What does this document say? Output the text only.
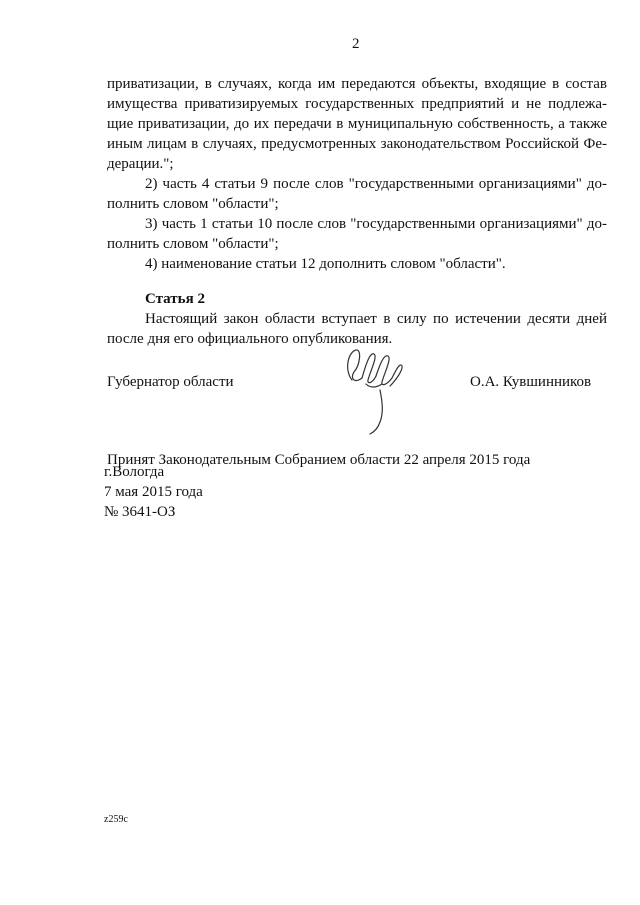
2
приватизации, в случаях, когда им передаются объекты, входящие в состав
имущества приватизируемых государственных предприятий и не подлежа-
щие приватизации, до их передачи в муниципальную собственность, а также
иным лицам в случаях, предусмотренных законодательством Российской Фе-
дерации.";
2) часть 4 статьи 9 после слов "государственными организациями" до-
полнить словом "области";
3) часть 1 статьи 10 после слов "государственными организациями" до-
полнить словом "области";
4) наименование статьи 12 дополнить словом "области".
Статья 2
Настоящий закон области вступает в силу по истечении десяти дней
после дня его официального опубликования.
Губернатор области	О.А. Кувшинников
Принят Законодательным Собранием области 22 апреля 2015 года
г.Вологда
7 мая 2015 года
№ 3641-ОЗ
z259c
